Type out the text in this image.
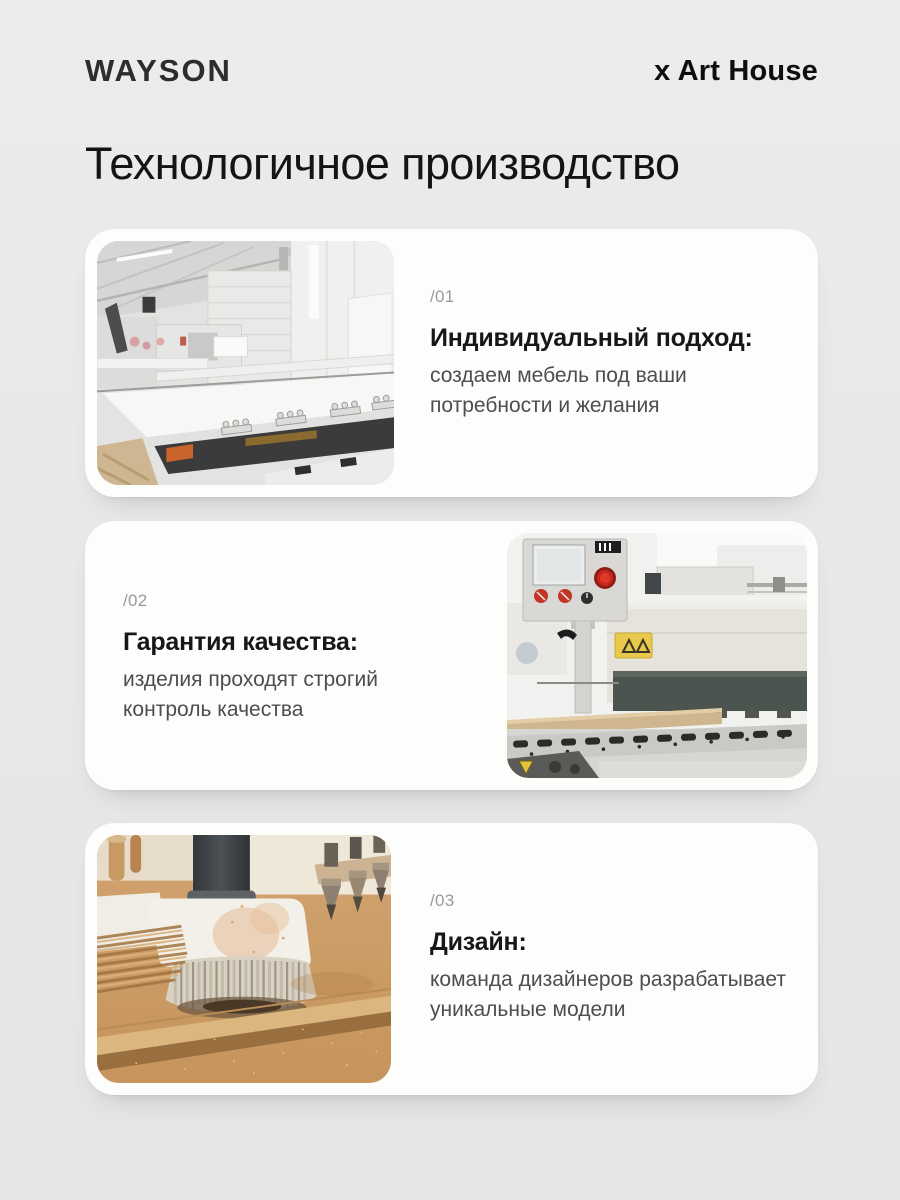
WAYSON	x Art House
Технологичное производство
/01
Индивидуальный подход:
создаем мебель под ваши потребности и желания
/02
Гарантия качества:
изделия проходят строгий контроль качества
/03
Дизайн:
команда дизайнеров разрабатывает уникальные модели
